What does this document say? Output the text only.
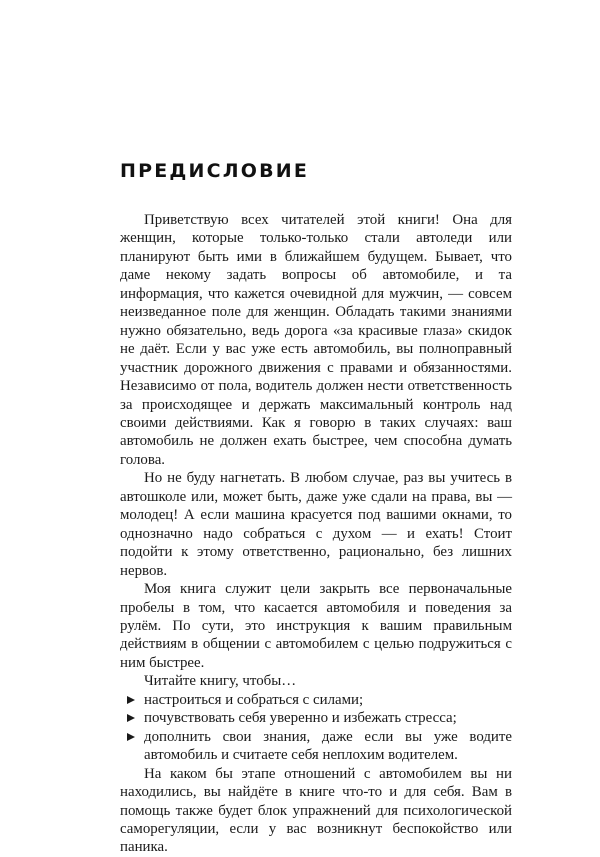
ПРЕДИСЛОВИЕ

Приветствую всех читателей этой книги! Она для женщин, которые только-только стали автоледи или планируют быть ими в ближайшем будущем. Бывает, что даме некому задать вопросы об автомобиле, и та информация, что кажется очевидной для мужчин, — совсем неизведанное поле для женщин. Обладать такими знаниями нужно обязательно, ведь дорога «за красивые глаза» скидок не даёт. Если у вас уже есть автомобиль, вы полноправный участник дорожного движения с правами и обязанностями. Независимо от пола, водитель должен нести ответственность за происходящее и держать максимальный контроль над своими действиями. Как я говорю в таких случаях: ваш автомобиль не должен ехать быстрее, чем способна думать голова.

Но не буду нагнетать. В любом случае, раз вы учитесь в автошколе или, может быть, даже уже сдали на права, вы — молодец! А если машина красуется под вашими окнами, то однозначно надо собраться с духом — и ехать! Стоит подойти к этому ответственно, рационально, без лишних нервов.

Моя книга служит цели закрыть все первоначальные пробелы в том, что касается автомобиля и поведения за рулём. По сути, это инструкция к вашим правильным действиям в общении с автомобилем с целью подружиться с ним быстрее.

Читайте книгу, чтобы…

настроиться и собраться с силами;
почувствовать себя уверенно и избежать стресса;
дополнить свои знания, даже если вы уже водите автомобиль и считаете себя неплохим водителем.

На каком бы этапе отношений с автомобилем вы ни находились, вы найдёте в книге что-то и для себя. Вам в помощь также будет блок упражнений для психологической саморегуляции, если у вас возникнут беспокойство или паника.
